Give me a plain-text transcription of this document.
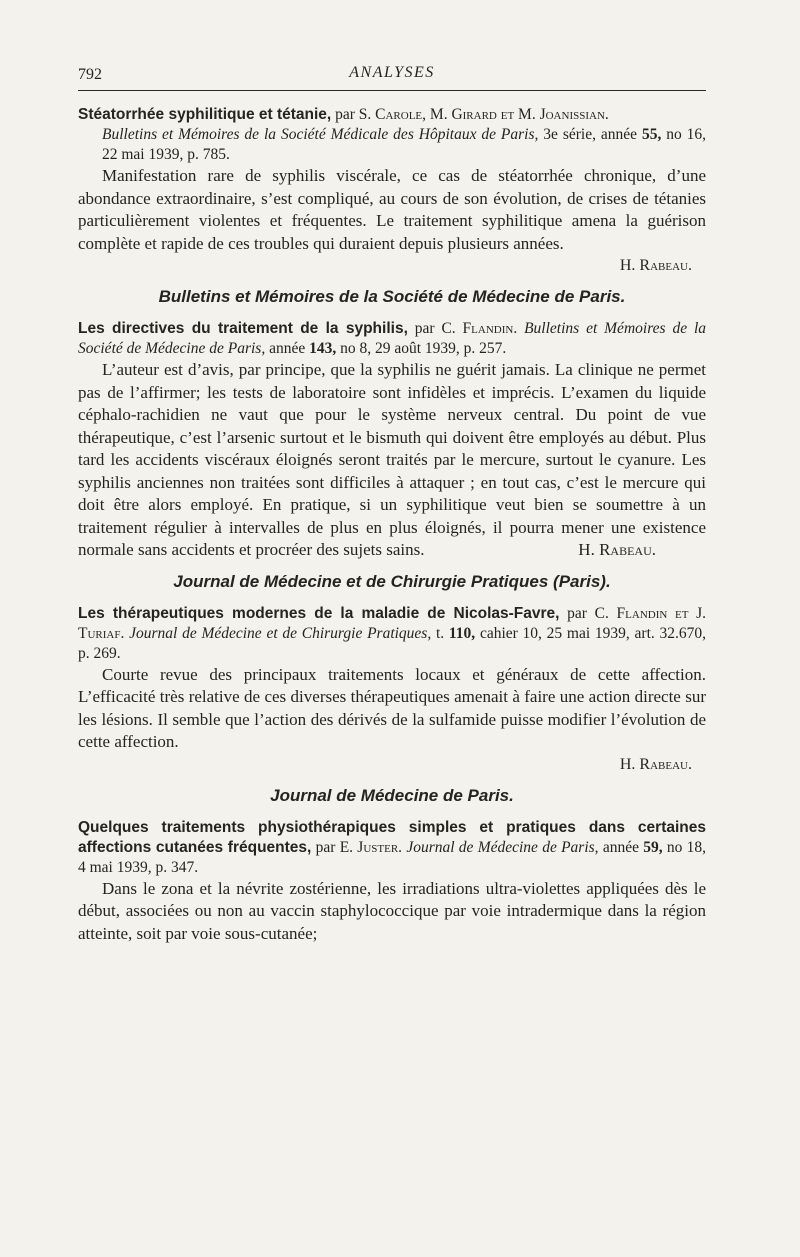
792	ANALYSES
Stéatorrhée syphilitique et tétanie, par S. Carole, M. Girard et M. Joanissian.
Bulletins et Mémoires de la Société Médicale des Hôpitaux de Paris, 3e série, année 55, no 16, 22 mai 1939, p. 785.

Manifestation rare de syphilis viscérale, ce cas de stéatorrhée chronique, d’une abondance extraordinaire, s’est compliqué, au cours de son évolution, de crises de tétanies particulièrement violentes et fréquentes. Le traitement syphilitique amena la guérison complète et rapide de ces troubles qui duraient depuis plusieurs années.

H. Rabeau.
Bulletins et Mémoires de la Société de Médecine de Paris.
Les directives du traitement de la syphilis, par C. Flandin. Bulletins et Mémoires de la Société de Médecine de Paris, année 143, no 8, 29 août 1939, p. 257.

L’auteur est d’avis, par principe, que la syphilis ne guérit jamais. La clinique ne permet pas de l’affirmer; les tests de laboratoire sont infidèles et imprécis. L’examen du liquide céphalo-rachidien ne vaut que pour le système nerveux central. Du point de vue thérapeutique, c’est l’arsenic surtout et le bismuth qui doivent être employés au début. Plus tard les accidents viscéraux éloignés seront traités par le mercure, surtout le cyanure. Les syphilis anciennes non traitées sont difficiles à attaquer ; en tout cas, c’est le mercure qui doit être alors employé. En pratique, si un syphilitique veut bien se soumettre à un traitement régulier à intervalles de plus en plus éloignés, il pourra mener une existence normale sans accidents et procréer des sujets sains.	H. Rabeau.

Journal de Médecine et de Chirurgie Pratiques (Paris).
Les thérapeutiques modernes de la maladie de Nicolas-Favre, par C. Flandin et J. Turiaf. Journal de Médecine et de Chirurgie Pratiques, t. 110, cahier 10, 25 mai 1939, art. 32.670, p. 269.

Courte revue des principaux traitements locaux et généraux de cette affection. L’efficacité très relative de ces diverses thérapeutiques amenait à faire une action directe sur les lésions. Il semble que l’action des dérivés de la sulfamide puisse modifier l’évolution de cette affection.

H. Rabeau.
Journal de Médecine de Paris.
Quelques traitements physiothérapiques simples et pratiques dans certaines affections cutanées fréquentes, par E. Juster. Journal de Médecine de Paris, année 59, no 18, 4 mai 1939, p. 347.

Dans le zona et la névrite zostérienne, les irradiations ultra-violettes appliquées dès le début, associées ou non au vaccin staphylococcique par voie intradermique dans la région atteinte, soit par voie sous-cutanée;
